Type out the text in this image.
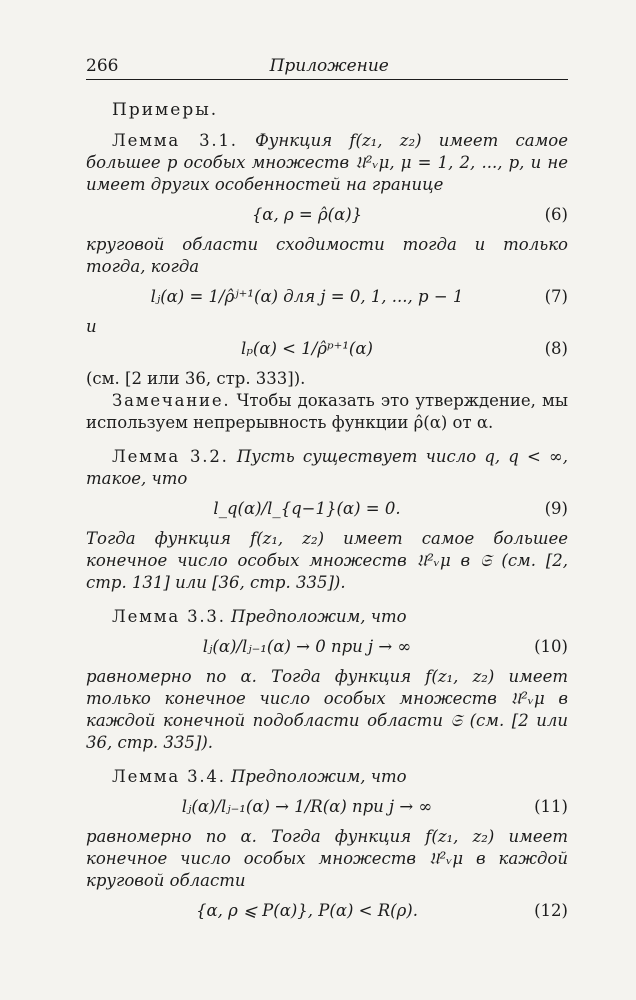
266	Приложение
Примеры.

Лемма 3.1. Функция f(z₁, z₂) имеет самое большее p особых множеств 𝔘²ᵥμ, μ = 1, 2, ..., p, и не имеет других особенностей на границе

{α, ρ = ρ̂(α)}	(6)

круговой области сходимости тогда и только тогда, когда

lⱼ(α) = 1/ρ̂ʲ⁺¹(α) для j = 0, 1, ..., p − 1	(7)

и

lₚ(α) < 1/ρ̂ᵖ⁺¹(α)	(8)

(см. [2 или 36, стр. 333]).

Замечание. Чтобы доказать это утверждение, мы используем непрерывность функции ρ̂(α) от α.

Лемма 3.2. Пусть существует число q, q < ∞, такое, что

l_q(α)/l_{q−1}(α) = 0.	(9)

Тогда функция f(z₁, z₂) имеет самое большее конечное число особых множеств 𝔘²ᵥμ в 𝔖 (см. [2, стр. 131] или [36, стр. 335]).

Лемма 3.3. Предположим, что

lⱼ(α)/lⱼ₋₁(α) → 0 при j → ∞	(10)

равномерно по α. Тогда функция f(z₁, z₂) имеет только конечное число особых множеств 𝔘²ᵥμ в каждой конечной подобласти области 𝔖 (см. [2 или 36, стр. 335]).

Лемма 3.4. Предположим, что

lⱼ(α)/lⱼ₋₁(α) → 1/R(α) при j → ∞	(11)

равномерно по α. Тогда функция f(z₁, z₂) имеет конечное число особых множеств 𝔘²ᵥμ в каждой круговой области

{α, ρ ⩽ P(α)}, P(α) < R(ρ).	(12)
